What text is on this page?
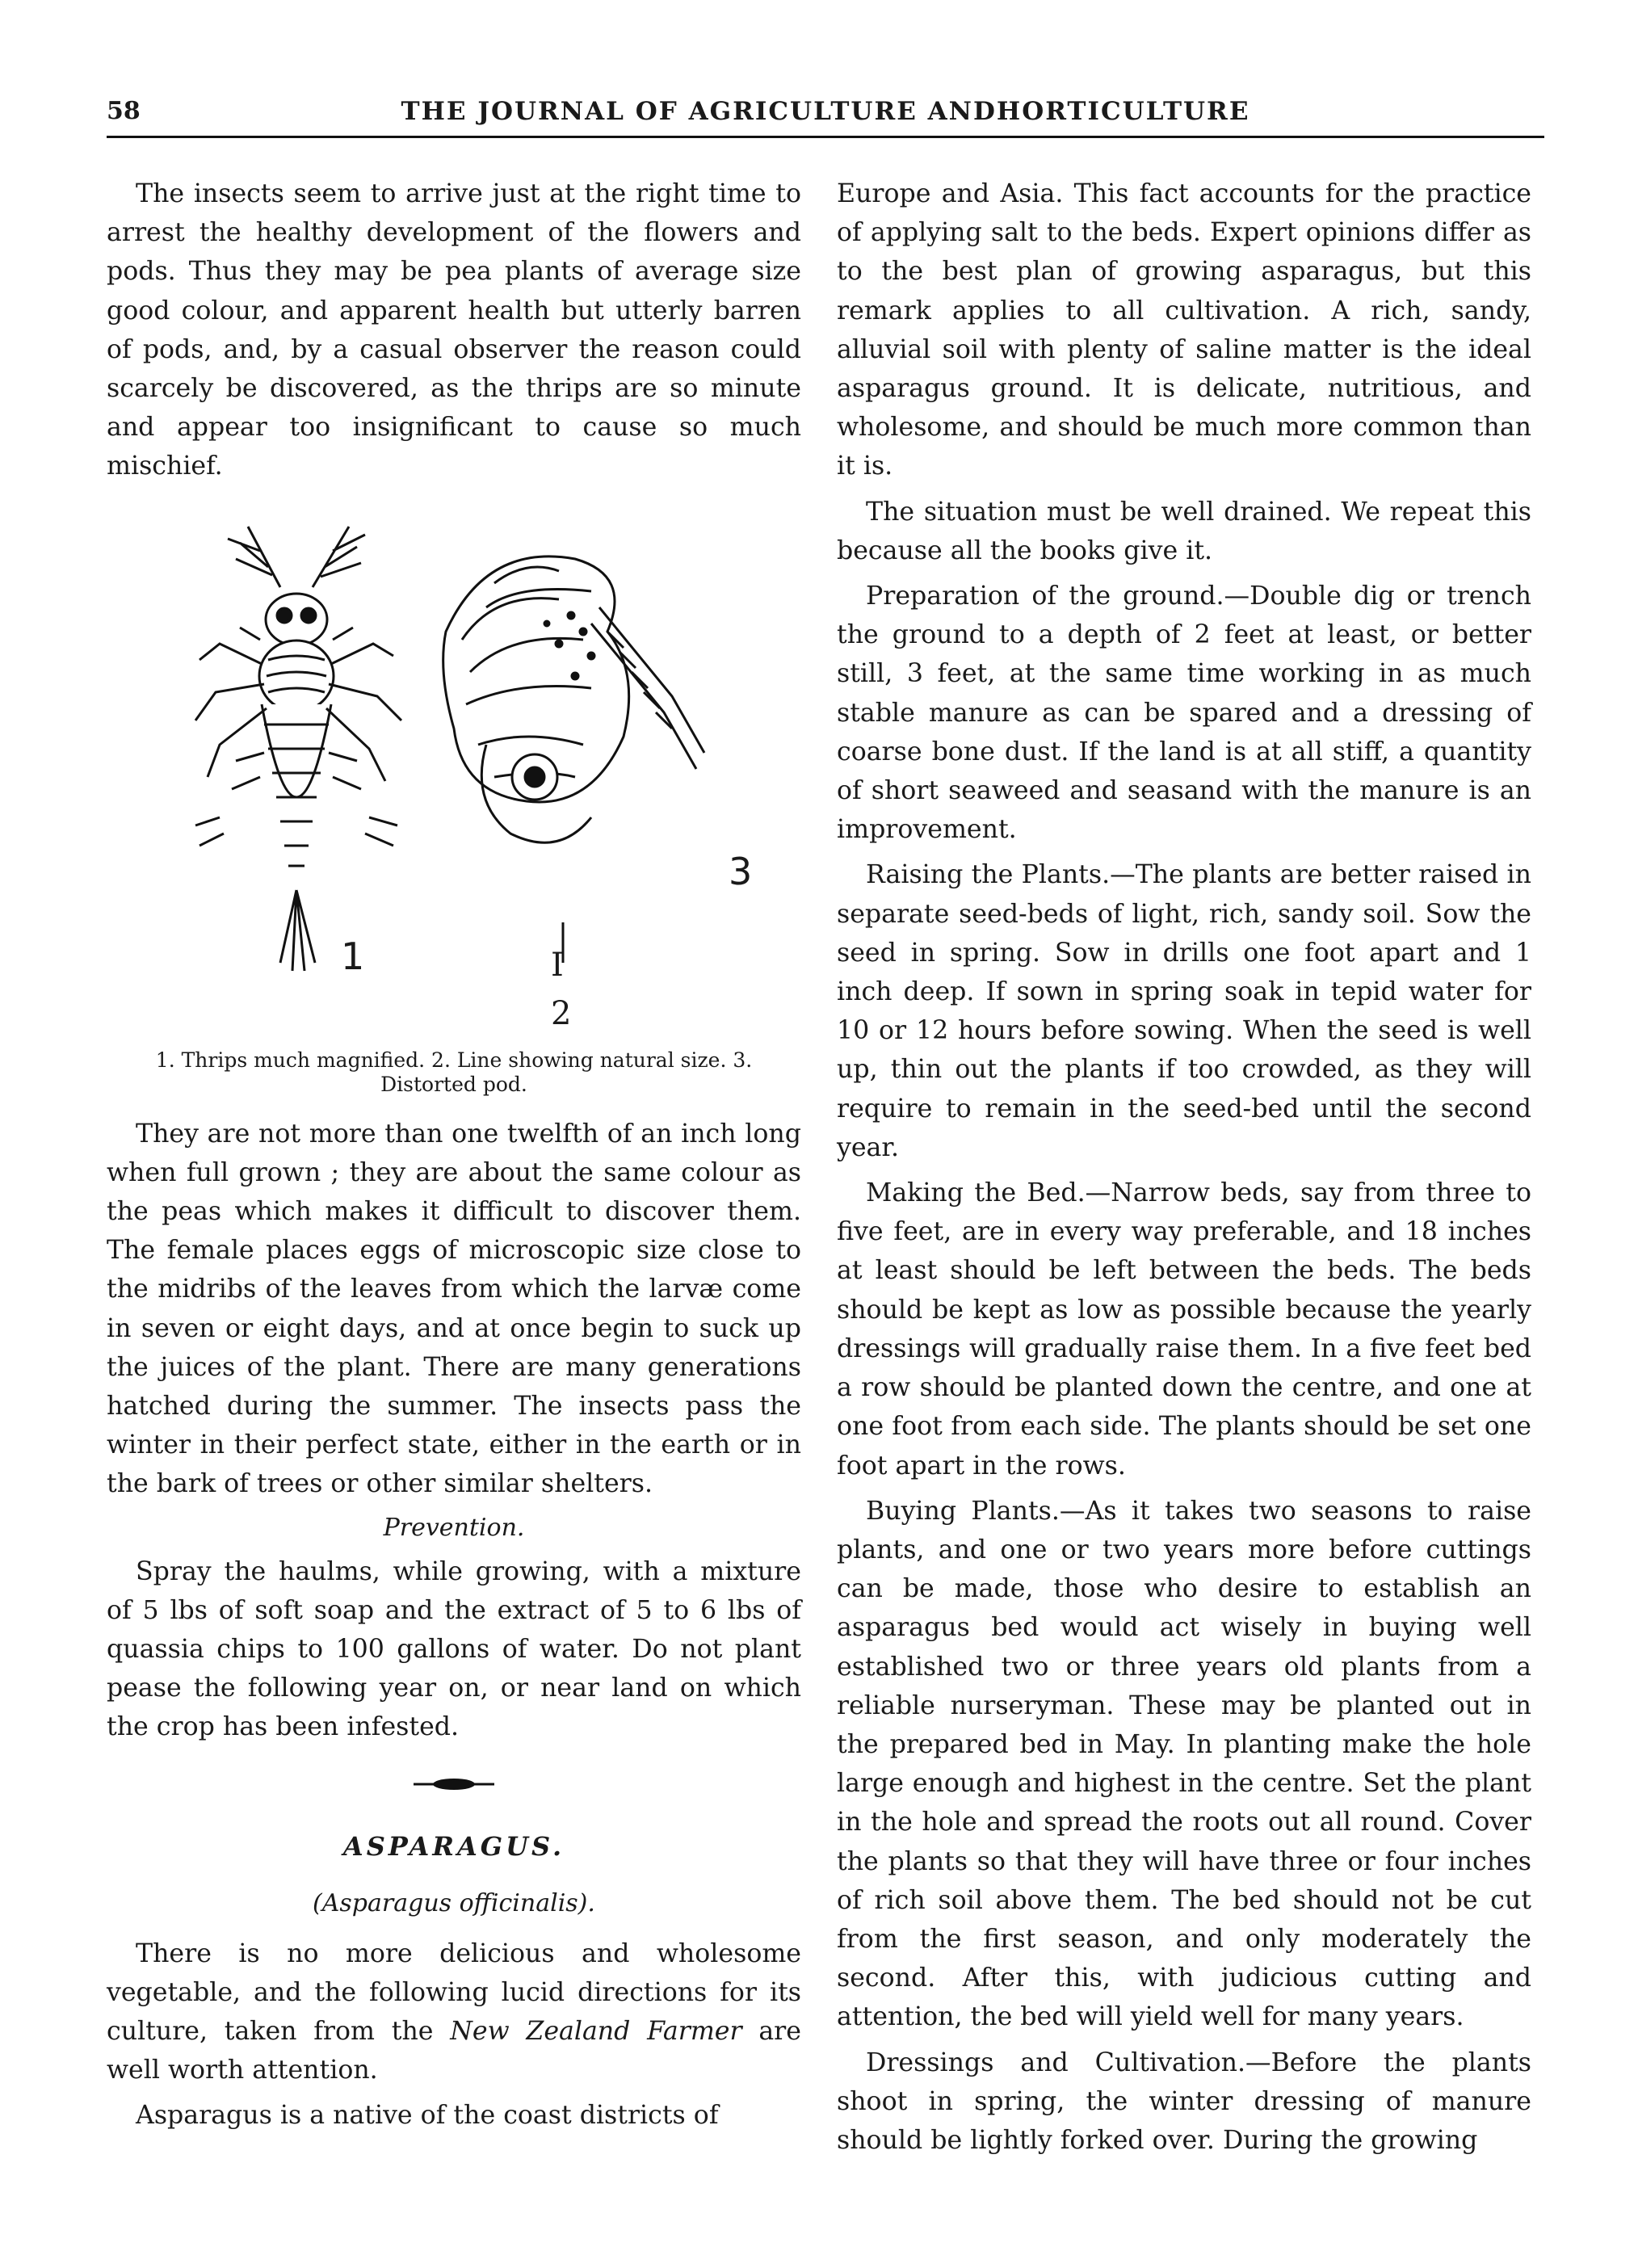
58	THE JOURNAL OF AGRICULTURE ANDHORTICULTURE

The insects seem to arrive just at the right time to arrest the healthy development of the flowers and pods. Thus they may be pea plants of average size good colour, and apparent health but utterly barren of pods, and, by a casual observer the reason could scarcely be discovered, as the thrips are so minute and appear too insignificant to cause so much mischief.

1	I
2
3
1. Thrips much magnified. 2. Line showing natural size. 3. Distorted pod.

They are not more than one twelfth of an inch long when full grown ; they are about the same colour as the peas which makes it difficult to discover them. The female places eggs of microscopic size close to the midribs of the leaves from which the larvæ come in seven or eight days, and at once begin to suck up the juices of the plant. There are many generations hatched during the summer. The insects pass the winter in their perfect state, either in the earth or in the bark of trees or other similar shelters.

Prevention.

Spray the haulms, while growing, with a mixture of 5 lbs of soft soap and the extract of 5 to 6 lbs of quassia chips to 100 gallons of water. Do not plant pease the following year on, or near land on which the crop has been infested.

ASPARAGUS.
(Asparagus officinalis).

There is no more delicious and wholesome vegetable, and the following lucid directions for its culture, taken from the New Zealand Farmer are well worth attention.

Asparagus is a native of the coast districts of

Europe and Asia. This fact accounts for the practice of applying salt to the beds. Expert opinions differ as to the best plan of growing asparagus, but this remark applies to all cultivation. A rich, sandy, alluvial soil with plenty of saline matter is the ideal asparagus ground. It is delicate, nutritious, and wholesome, and should be much more common than it is.

The situation must be well drained. We repeat this because all the books give it.

Preparation of the ground.—Double dig or trench the ground to a depth of 2 feet at least, or better still, 3 feet, at the same time working in as much stable manure as can be spared and a dressing of coarse bone dust. If the land is at all stiff, a quantity of short seaweed and seasand with the manure is an improvement.

Raising the Plants.—The plants are better raised in separate seed-beds of light, rich, sandy soil. Sow the seed in spring. Sow in drills one foot apart and 1 inch deep. If sown in spring soak in tepid water for 10 or 12 hours before sowing. When the seed is well up, thin out the plants if too crowded, as they will require to remain in the seed-bed until the second year.

Making the Bed.—Narrow beds, say from three to five feet, are in every way preferable, and 18 inches at least should be left between the beds. The beds should be kept as low as possible because the yearly dressings will gradually raise them. In a five feet bed a row should be planted down the centre, and one at one foot from each side. The plants should be set one foot apart in the rows.

Buying Plants.—As it takes two seasons to raise plants, and one or two years more before cuttings can be made, those who desire to establish an asparagus bed would act wisely in buying well established two or three years old plants from a reliable nurseryman. These may be planted out in the prepared bed in May. In planting make the hole large enough and highest in the centre. Set the plant in the hole and spread the roots out all round. Cover the plants so that they will have three or four inches of rich soil above them. The bed should not be cut from the first season, and only moderately the second. After this, with judicious cutting and attention, the bed will yield well for many years.

Dressings and Cultivation.—Before the plants shoot in spring, the winter dressing of manure should be lightly forked over. During the growing
